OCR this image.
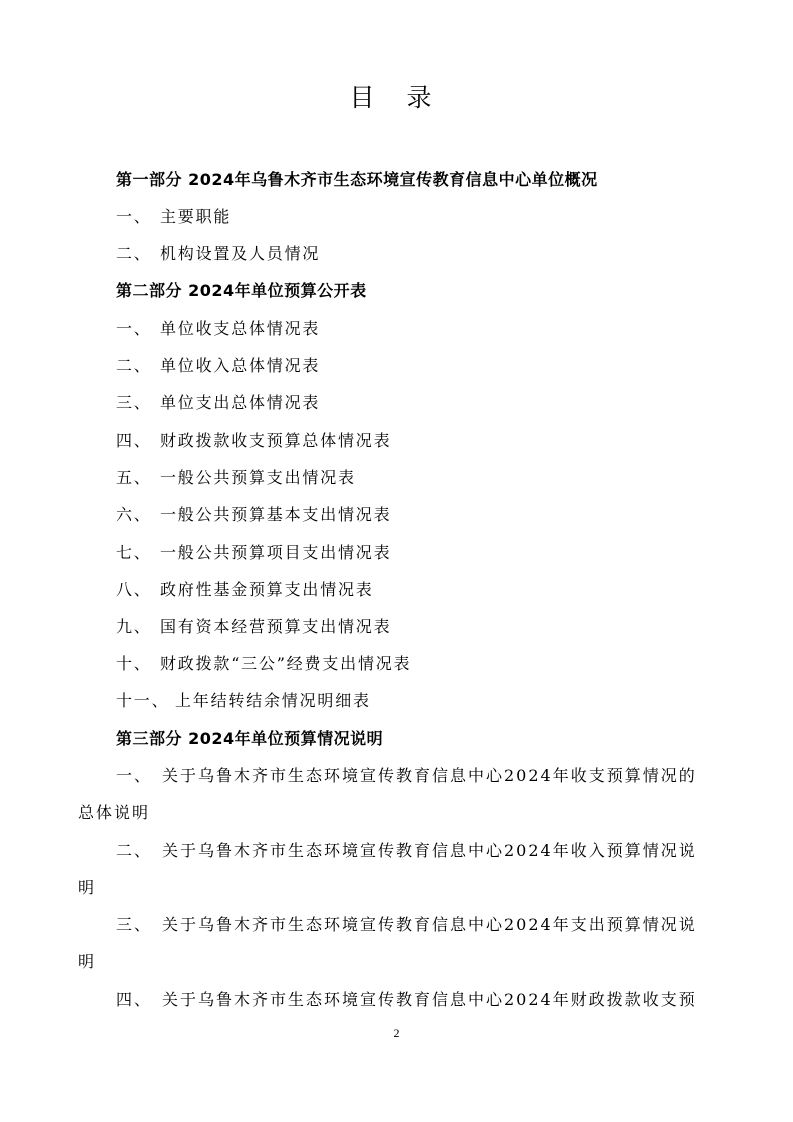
目 录
第一部分 2024年乌鲁木齐市生态环境宣传教育信息中心单位概况
一、 主要职能
二、 机构设置及人员情况
第二部分 2024年单位预算公开表
一、 单位收支总体情况表
二、 单位收入总体情况表
三、 单位支出总体情况表
四、 财政拨款收支预算总体情况表
五、 一般公共预算支出情况表
六、 一般公共预算基本支出情况表
七、 一般公共预算项目支出情况表
八、 政府性基金预算支出情况表
九、 国有资本经营预算支出情况表
十、 财政拨款“三公”经费支出情况表
十一、 上年结转结余情况明细表
第三部分 2024年单位预算情况说明
一、 关于乌鲁木齐市生态环境宣传教育信息中心2024年收支预算情况的
总体说明
二、 关于乌鲁木齐市生态环境宣传教育信息中心2024年收入预算情况说
明
三、 关于乌鲁木齐市生态环境宣传教育信息中心2024年支出预算情况说
明
四、 关于乌鲁木齐市生态环境宣传教育信息中心2024年财政拨款收支预
2
